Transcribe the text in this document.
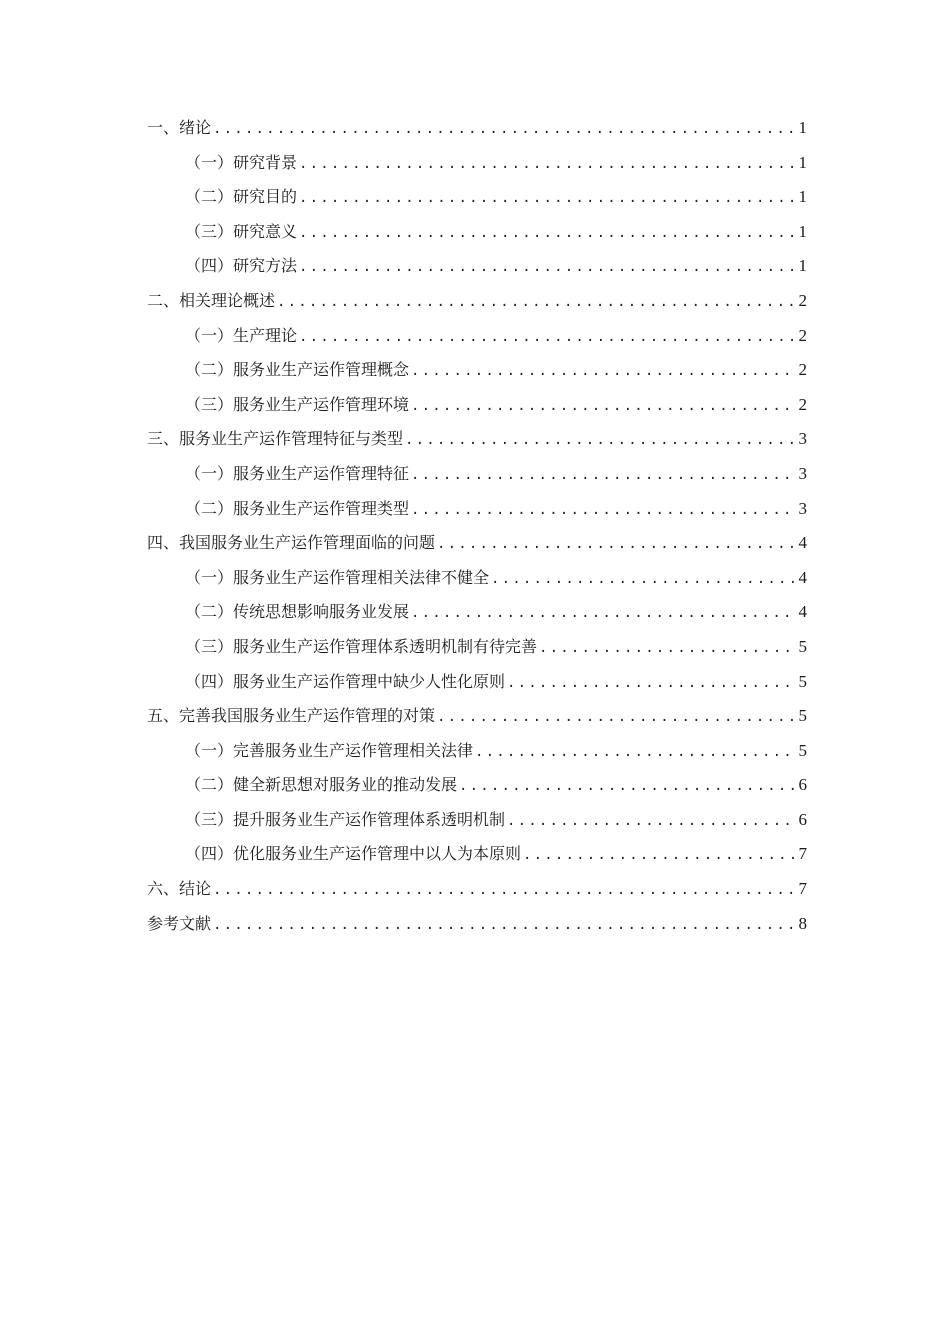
一、绪论 .....	1
（一）研究背景 .....	1
（二）研究目的 .....	1
（三）研究意义 .....	1
（四）研究方法 .....	1
二、相关理论概述 .....	2
（一）生产理论 .....	2
（二）服务业生产运作管理概念 .....	2
（三）服务业生产运作管理环境 .....	2
三、服务业生产运作管理特征与类型 .....	3
（一）服务业生产运作管理特征 .....	3
（二）服务业生产运作管理类型 .....	3
四、我国服务业生产运作管理面临的问题 .....	4
（一）服务业生产运作管理相关法律不健全 .....	4
（二）传统思想影响服务业发展 .....	4
（三）服务业生产运作管理体系透明机制有待完善 .....	5
（四）服务业生产运作管理中缺少人性化原则 .....	5
五、完善我国服务业生产运作管理的对策 .....	5
（一）完善服务业生产运作管理相关法律 .....	5
（二）健全新思想对服务业的推动发展 .....	6
（三）提升服务业生产运作管理体系透明机制 .....	6
（四）优化服务业生产运作管理中以人为本原则 .....	7
六、结论 .....	7
参考文献 .....	8
